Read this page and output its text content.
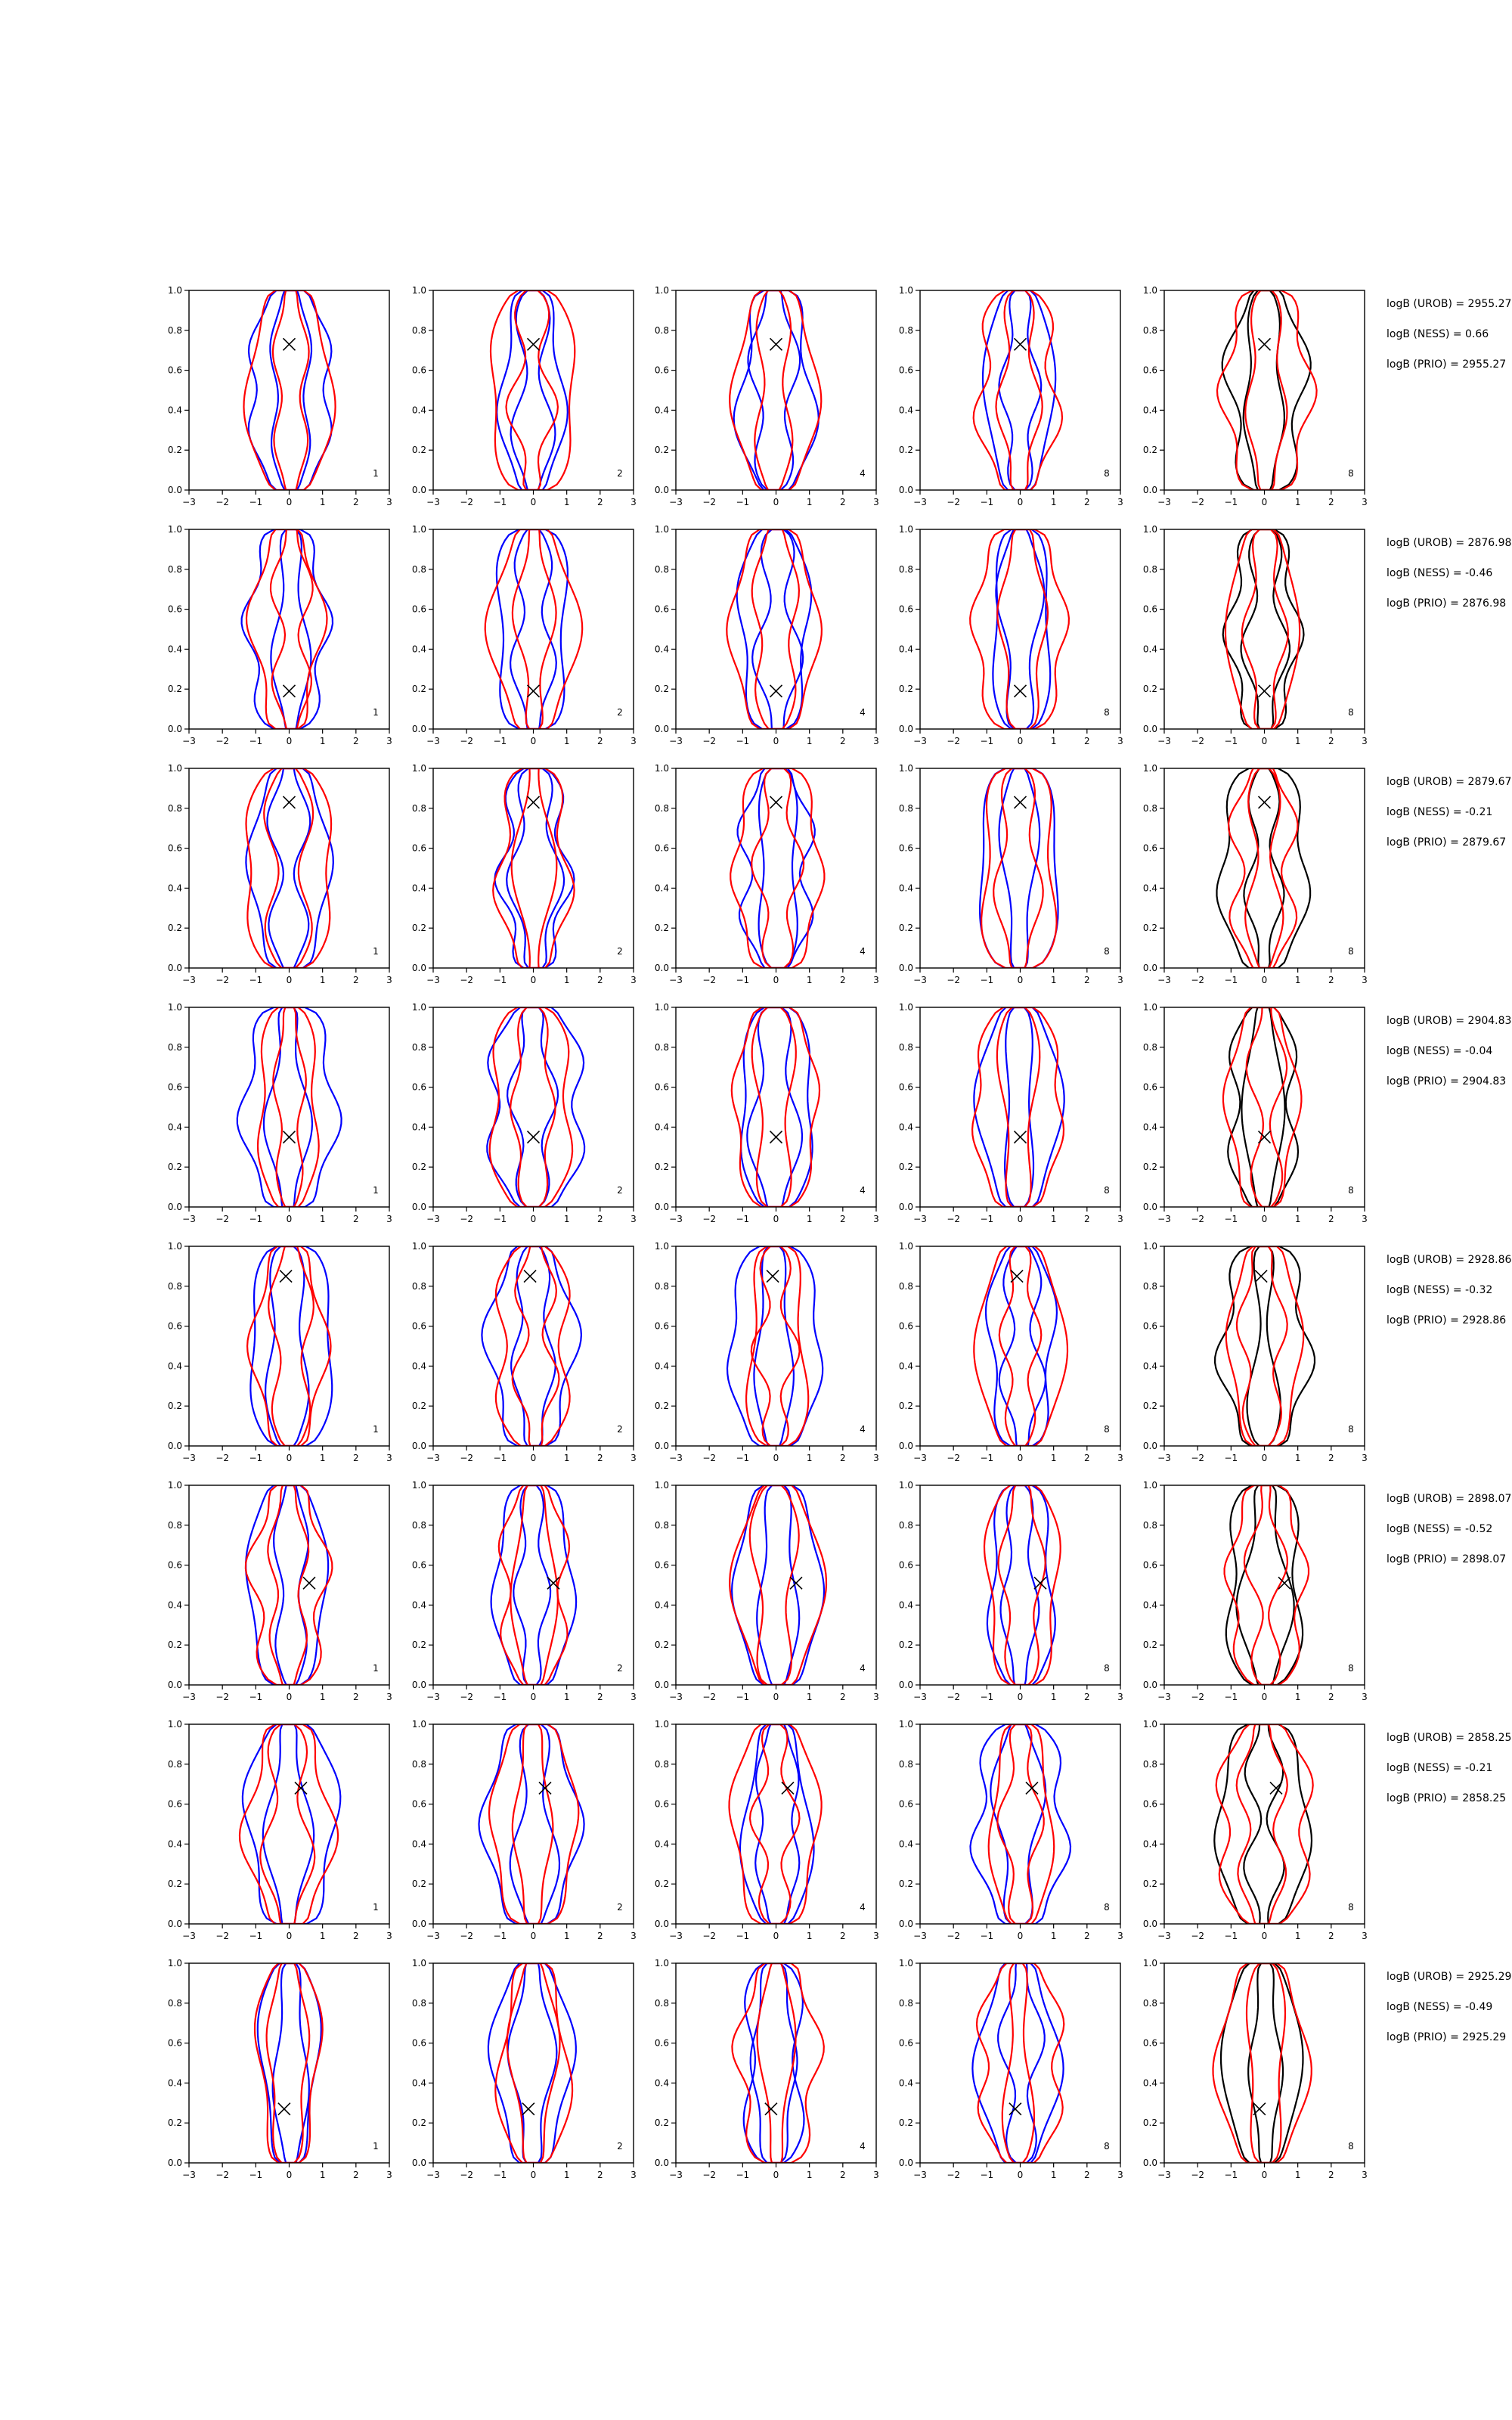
−3 −2 −1	0	1	2	3
0.0
0.2
0.4
0.6
0.8
1.0
1
−3 −2 −1	0	1	2	3
0.0
0.2
0.4
0.6
0.8
1.0
2
−3 −2 −1	0	1	2	3
0.0
0.2
0.4
0.6
0.8
1.0
4
−3 −2 −1	0	1	2	3
0.0
0.2
0.4
0.6
0.8
1.0
8
−3 −2 −1	0	1	2	3
0.0
0.2
0.4
0.6
0.8
1.0
8
−3 −2 −1	0	1	2	3
0.0
0.2
0.4
0.6
0.8
1.0
1
−3 −2 −1	0	1	2	3
0.0
0.2
0.4
0.6
0.8
1.0
2
−3 −2 −1	0	1	2	3
0.0
0.2
0.4
0.6
0.8
1.0
4
−3 −2 −1	0	1	2	3
0.0
0.2
0.4
0.6
0.8
1.0
8
−3 −2 −1	0	1	2	3
0.0
0.2
0.4
0.6
0.8
1.0
8
−3 −2 −1	0	1	2	3
0.0
0.2
0.4
0.6
0.8
1.0
1
−3 −2 −1	0	1	2	3
0.0
0.2
0.4
0.6
0.8
1.0
2
−3 −2 −1	0	1	2	3
0.0
0.2
0.4
0.6
0.8
1.0
4
−3 −2 −1	0	1	2	3
0.0
0.2
0.4
0.6
0.8
1.0
8
−3 −2 −1	0	1	2	3
0.0
0.2
0.4
0.6
0.8
1.0
8
−3 −2 −1	0	1	2	3
0.0
0.2
0.4
0.6
0.8
1.0
1
−3 −2 −1	0	1	2	3
0.0
0.2
0.4
0.6
0.8
1.0
2
−3 −2 −1	0	1	2	3
0.0
0.2
0.4
0.6
0.8
1.0
4
−3 −2 −1	0	1	2	3
0.0
0.2
0.4
0.6
0.8
1.0
8
−3 −2 −1	0	1	2	3
0.0
0.2
0.4
0.6
0.8
1.0
8
−3 −2 −1	0	1	2	3
0.0
0.2
0.4
0.6
0.8
1.0
1
−3 −2 −1	0	1	2	3
0.0
0.2
0.4
0.6
0.8
1.0
2
−3 −2 −1	0	1	2	3
0.0
0.2
0.4
0.6
0.8
1.0
4
−3 −2 −1	0	1	2	3
0.0
0.2
0.4
0.6
0.8
1.0
8
−3 −2 −1	0	1	2	3
0.0
0.2
0.4
0.6
0.8
1.0
8
−3 −2 −1	0	1	2	3
0.0
0.2
0.4
0.6
0.8
1.0
1
−3 −2 −1	0	1	2	3
0.0
0.2
0.4
0.6
0.8
1.0
2
−3 −2 −1	0	1	2	3
0.0
0.2
0.4
0.6
0.8
1.0
4
−3 −2 −1	0	1	2	3
0.0
0.2
0.4
0.6
0.8
1.0
8
−3 −2 −1	0	1	2	3
0.0
0.2
0.4
0.6
0.8
1.0
8
−3 −2 −1	0	1	2	3
0.0
0.2
0.4
0.6
0.8
1.0
1
−3 −2 −1	0	1	2	3
0.0
0.2
0.4
0.6
0.8
1.0
2
−3 −2 −1	0	1	2	3
0.0
0.2
0.4
0.6
0.8
1.0
4
−3 −2 −1	0	1	2	3
0.0
0.2
0.4
0.6
0.8
1.0
8
−3 −2 −1	0	1	2	3
0.0
0.2
0.4
0.6
0.8
1.0
8
−3 −2 −1	0	1	2	3
0.0
0.2
0.4
0.6
0.8
1.0
1
−3 −2 −1	0	1	2	3
0.0
0.2
0.4
0.6
0.8
1.0
2
−3 −2 −1	0	1	2	3
0.0
0.2
0.4
0.6
0.8
1.0
4
−3 −2 −1	0	1	2	3
0.0
0.2
0.4
0.6
0.8
1.0
8
−3 −2 −1	0	1	2	3
0.0
0.2
0.4
0.6
0.8
1.0
8
logB (UROB) = 2955.27
logB (NESS) = 0.66
logB (PRIO) = 2955.27
logB (UROB) = 2876.98
logB (NESS) = -0.46
logB (PRIO) = 2876.98
logB (UROB) = 2879.67
logB (NESS) = -0.21
logB (PRIO) = 2879.67
logB (UROB) = 2904.83
logB (NESS) = -0.04
logB (PRIO) = 2904.83
logB (UROB) = 2928.86
logB (NESS) = -0.32
logB (PRIO) = 2928.86
logB (UROB) = 2898.07
logB (NESS) = -0.52
logB (PRIO) = 2898.07
logB (UROB) = 2858.25
logB (NESS) = -0.21
logB (PRIO) = 2858.25
logB (UROB) = 2925.29
logB (NESS) = -0.49
logB (PRIO) = 2925.29
